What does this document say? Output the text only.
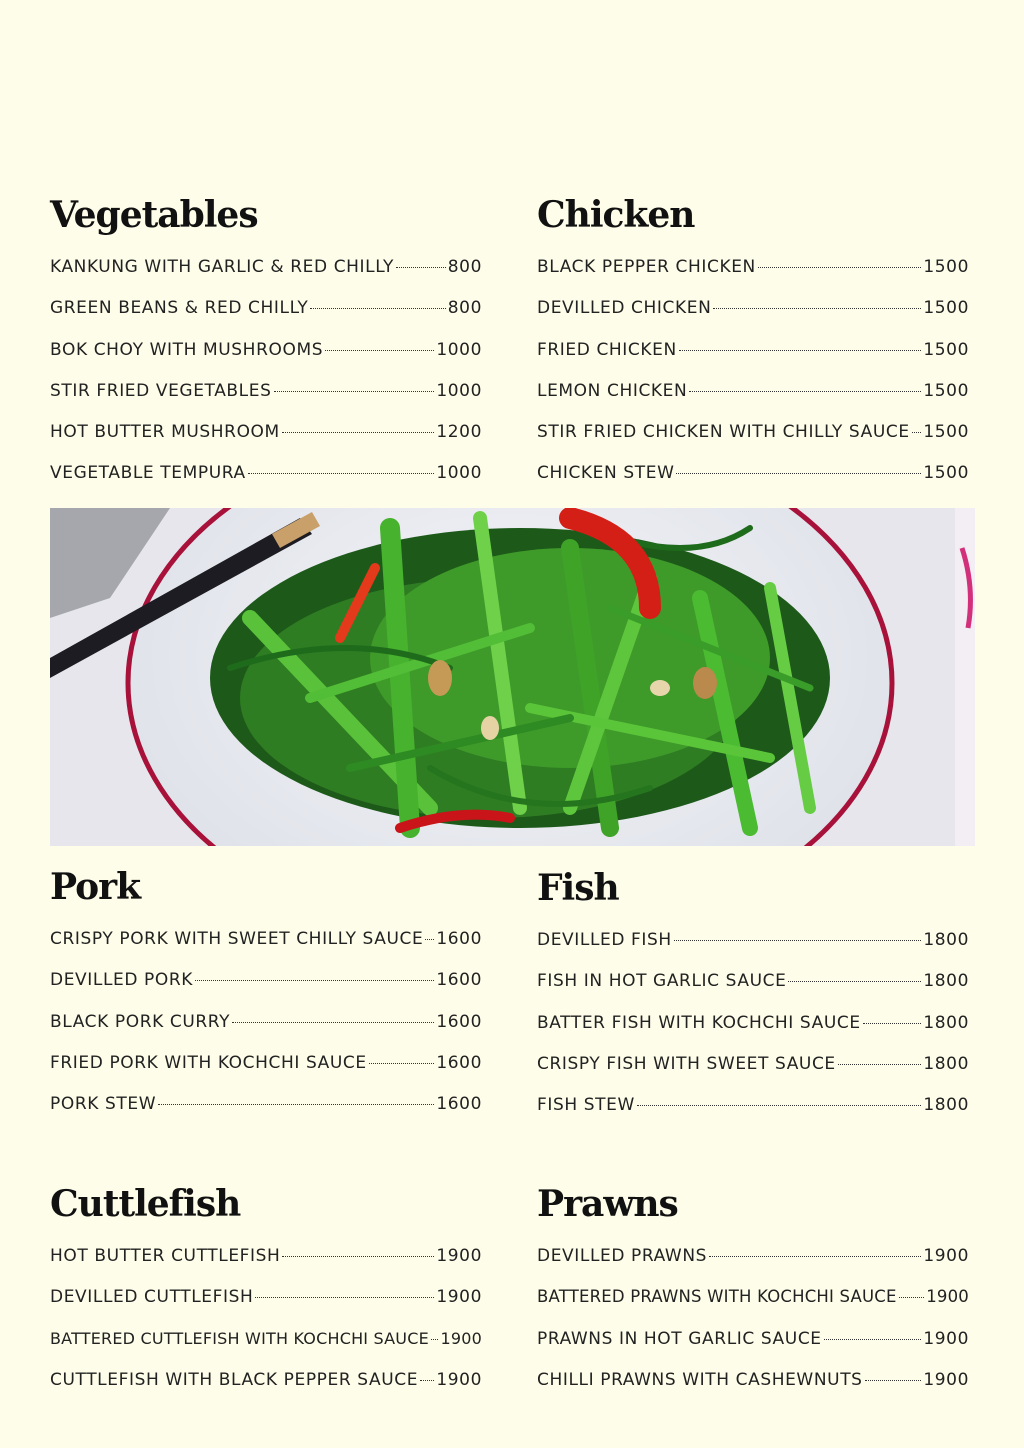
Vegetables
KANKUNG WITH GARLIC & RED CHILLY	800
GREEN BEANS & RED CHILLY	800
BOK CHOY WITH MUSHROOMS	1000
STIR FRIED VEGETABLES	1000
HOT BUTTER MUSHROOM	1200
VEGETABLE TEMPURA	1000
Chicken
BLACK PEPPER CHICKEN	1500
DEVILLED CHICKEN	1500
FRIED CHICKEN	1500
LEMON CHICKEN	1500
STIR FRIED CHICKEN WITH CHILLY SAUCE 1500
CHICKEN STEW	1500
Pork
CRISPY PORK WITH SWEET CHILLY SAUCE 1600
DEVILLED PORK	1600
BLACK PORK CURRY	1600
FRIED PORK WITH KOCHCHI SAUCE	1600
PORK STEW	1600
Fish
DEVILLED FISH	1800
FISH IN HOT GARLIC SAUCE	1800
BATTER FISH WITH KOCHCHI SAUCE	1800
CRISPY FISH WITH SWEET SAUCE	1800
FISH STEW	1800
Cuttlefish
HOT BUTTER CUTTLEFISH	1900
DEVILLED CUTTLEFISH	1900
BATTERED CUTTLEFISH WITH KOCHCHI SAUCE 1900
CUTTLEFISH WITH BLACK PEPPER SAUCE 1900
Prawns
DEVILLED PRAWNS	1900
BATTERED PRAWNS WITH KOCHCHI SAUCE 1900
PRAWNS IN HOT GARLIC SAUCE	1900
CHILLI PRAWNS WITH CASHEWNUTS	1900
